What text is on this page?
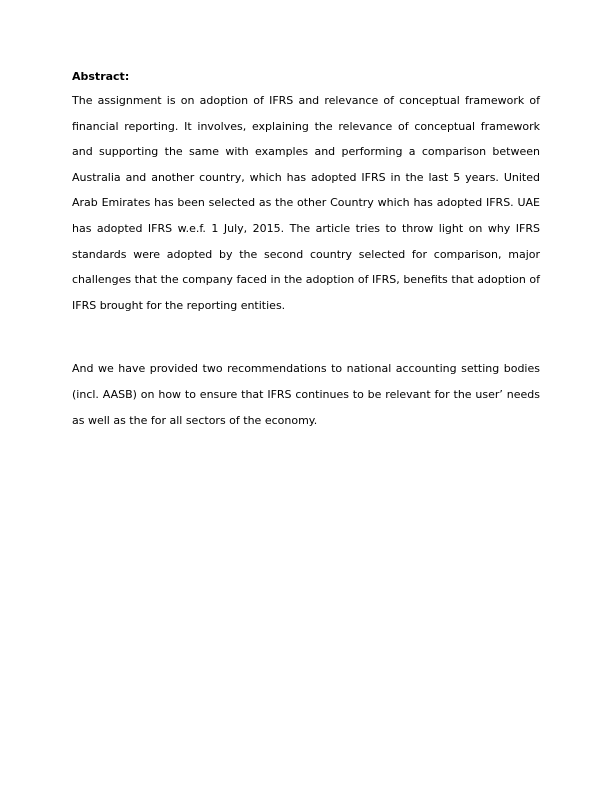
Abstract:

The assignment is on adoption of IFRS and relevance of conceptual framework of financial reporting. It involves, explaining the relevance of conceptual framework and supporting the same with examples and performing a comparison between Australia and another country, which has adopted IFRS in the last 5 years. United Arab Emirates has been selected as the other Country which has adopted IFRS. UAE has adopted IFRS w.e.f. 1 July, 2015. The article tries to throw light on why IFRS standards were adopted by the second country selected for comparison, major challenges that the company faced in the adoption of IFRS, benefits that adoption of IFRS brought for the reporting entities.

And we have provided two recommendations to national accounting setting bodies (incl. AASB) on how to ensure that IFRS continues to be relevant for the user’ needs as well as the for all sectors of the economy.
